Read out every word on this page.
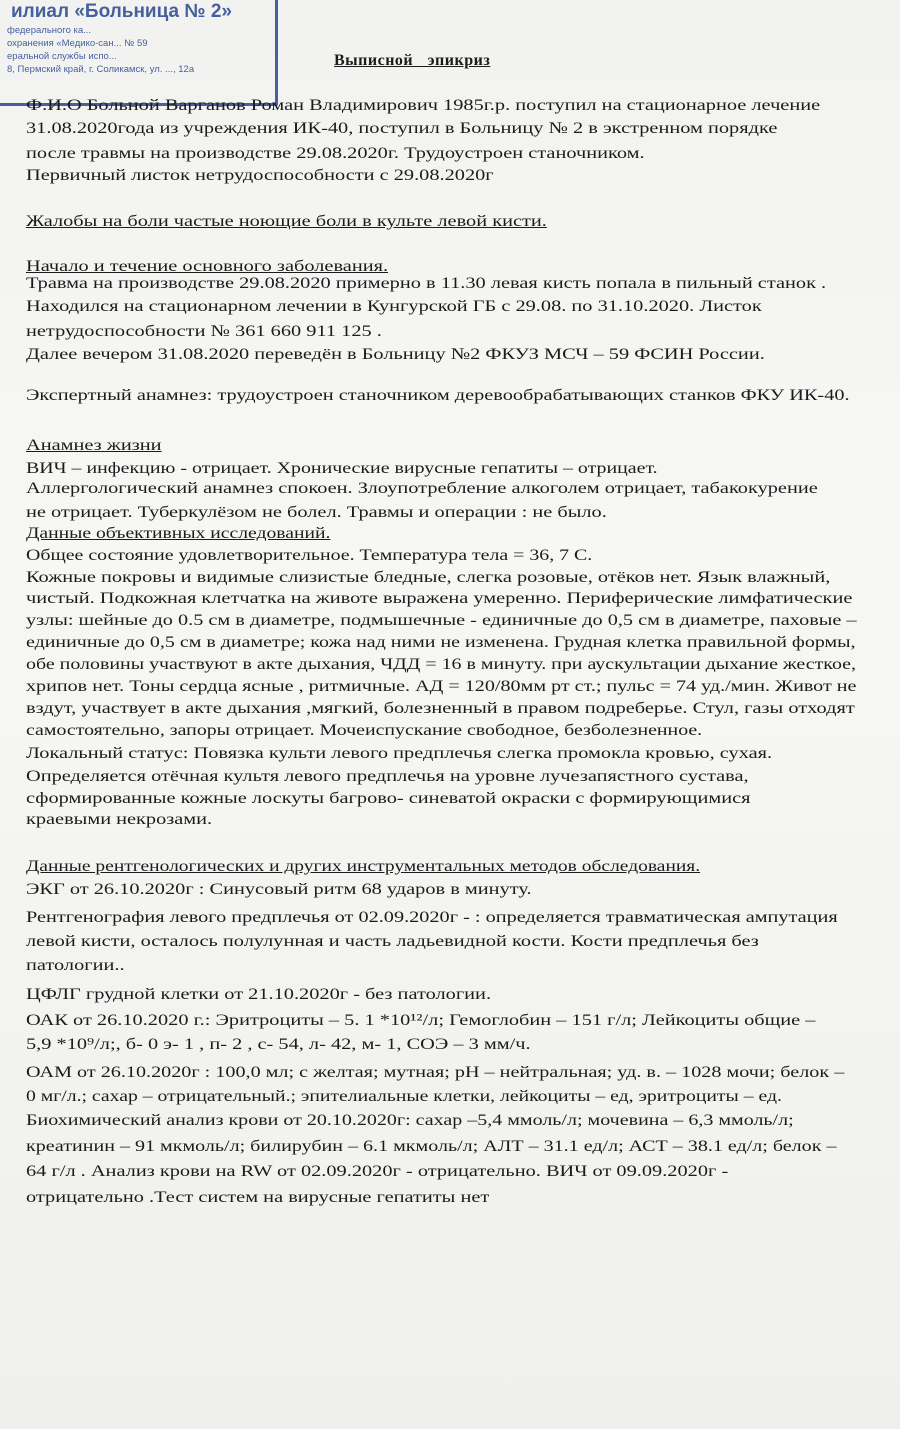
илиал «Больница № 2»
федерального ка...
охранения «Медико-сан... № 59
еральной службы испо...
8, Пермский край, г. Соликамск, ул. ..., 12а
Выписной эпикриз
Ф.И.О Больной Варганов Роман Владимирович 1985г.р. поступил на стационарное лечение
31.08.2020года из учреждения ИК-40, поступил в Больницу № 2 в экстренном порядке
после травмы на производстве 29.08.2020г. Трудоустроен станочником.
Первичный листок нетрудоспособности с 29.08.2020г
Жалобы на боли частые ноющие боли в культе левой кисти.
Начало и течение основного заболевания.
Травма на производстве 29.08.2020 примерно в 11.30 левая кисть попала в пильный станок .
Находился на стационарном лечении в Кунгурской ГБ с 29.08. по 31.10.2020. Листок
нетрудоспособности № 361 660 911 125 .
Далее вечером 31.08.2020 переведён в Больницу №2 ФКУЗ МСЧ – 59 ФСИН России.
Экспертный анамнез: трудоустроен станочником деревообрабатывающих станков ФКУ ИК-40.
Анамнез жизни
ВИЧ – инфекцию - отрицает. Хронические вирусные гепатиты – отрицает.
Аллергологический анамнез спокоен. Злоупотребление алкоголем отрицает, табакокурение
не отрицает. Туберкулёзом не болел. Травмы и операции : не было.
Данные объективных исследований.
Общее состояние удовлетворительное. Температура тела = 36, 7 С.
Кожные покровы и видимые слизистые бледные, слегка розовые, отёков нет. Язык влажный,
чистый. Подкожная клетчатка на животе выражена умеренно. Периферические лимфатические
узлы: шейные до 0.5 см в диаметре, подмышечные - единичные до 0,5 см в диаметре, паховые –
единичные до 0,5 см в диаметре; кожа над ними не изменена. Грудная клетка правильной формы,
обе половины участвуют в акте дыхания, ЧДД = 16 в минуту. при аускультации дыхание жесткое,
хрипов нет. Тоны сердца ясные , ритмичные. АД = 120/80мм рт ст.; пульс = 74 уд./мин. Живот не
вздут, участвует в акте дыхания ,мягкий, болезненный в правом подреберье. Стул, газы отходят
самостоятельно, запоры отрицает. Мочеиспускание свободное, безболезненное.
Локальный статус: Повязка культи левого предплечья слегка промокла кровью, сухая.
Определяется отёчная культя левого предплечья на уровне лучезапястного сустава,
сформированные кожные лоскуты багрово- синеватой окраски с формирующимися
краевыми некрозами.
Данные рентгенологических и других инструментальных методов обследования.
ЭКГ от 26.10.2020г : Синусовый ритм 68 ударов в минуту.
Рентгенография левого предплечья от 02.09.2020г - : определяется травматическая ампутация
левой кисти, осталось полулунная и часть ладьевидной кости. Кости предплечья без
патологии..
ЦФЛГ грудной клетки от 21.10.2020г - без патологии.
ОАК от 26.10.2020 г.: Эритроциты – 5. 1 *10¹²/л; Гемоглобин – 151 г/л; Лейкоциты общие –
5,9 *10⁹/л;, б- 0 э- 1 , п- 2 , с- 54, л- 42, м- 1, СОЭ – 3 мм/ч.
ОАМ от 26.10.2020г : 100,0 мл; с желтая; мутная; рН – нейтральная; уд. в. – 1028 мочи; белок –
0 мг/л.; сахар – отрицательный.; эпителиальные клетки, лейкоциты – ед, эритроциты – ед.
Биохимический анализ крови от 20.10.2020г: сахар –5,4 ммоль/л; мочевина – 6,3 ммоль/л;
креатинин – 91 мкмоль/л; билирубин – 6.1 мкмоль/л; АЛТ – 31.1 ед/л; АСТ – 38.1 ед/л; белок –
64 г/л . Анализ крови на RW от 02.09.2020г - отрицательно. ВИЧ от 09.09.2020г -
отрицательно .Тест систем на вирусные гепатиты нет
